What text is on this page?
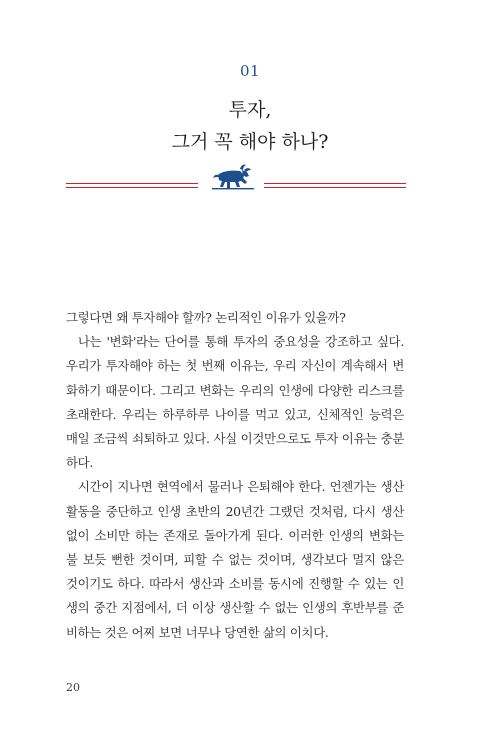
01
투자,
그거 꼭 해야 하나?

그렇다면 왜 투자해야 할까? 논리적인 이유가 있을까?

나는 '변화'라는 단어를 통해 투자의 중요성을 강조하고 싶다. 우리가 투자해야 하는 첫 번째 이유는, 우리 자신이 계속해서 변화하기 때문이다. 그리고 변화는 우리의 인생에 다양한 리스크를 초래한다. 우리는 하루하루 나이를 먹고 있고, 신체적인 능력은 매일 조금씩 쇠퇴하고 있다. 사실 이것만으로도 투자 이유는 충분하다.

시간이 지나면 현역에서 물러나 은퇴해야 한다. 언젠가는 생산 활동을 중단하고 인생 초반의 20년간 그랬던 것처럼, 다시 생산 없이 소비만 하는 존재로 돌아가게 된다. 이러한 인생의 변화는 불 보듯 뻔한 것이며, 피할 수 없는 것이며, 생각보다 멀지 않은 것이기도 하다. 따라서 생산과 소비를 동시에 진행할 수 있는 인생의 중간 지점에서, 더 이상 생산할 수 없는 인생의 후반부를 준비하는 것은 어찌 보면 너무나 당연한 삶의 이치다.

20
